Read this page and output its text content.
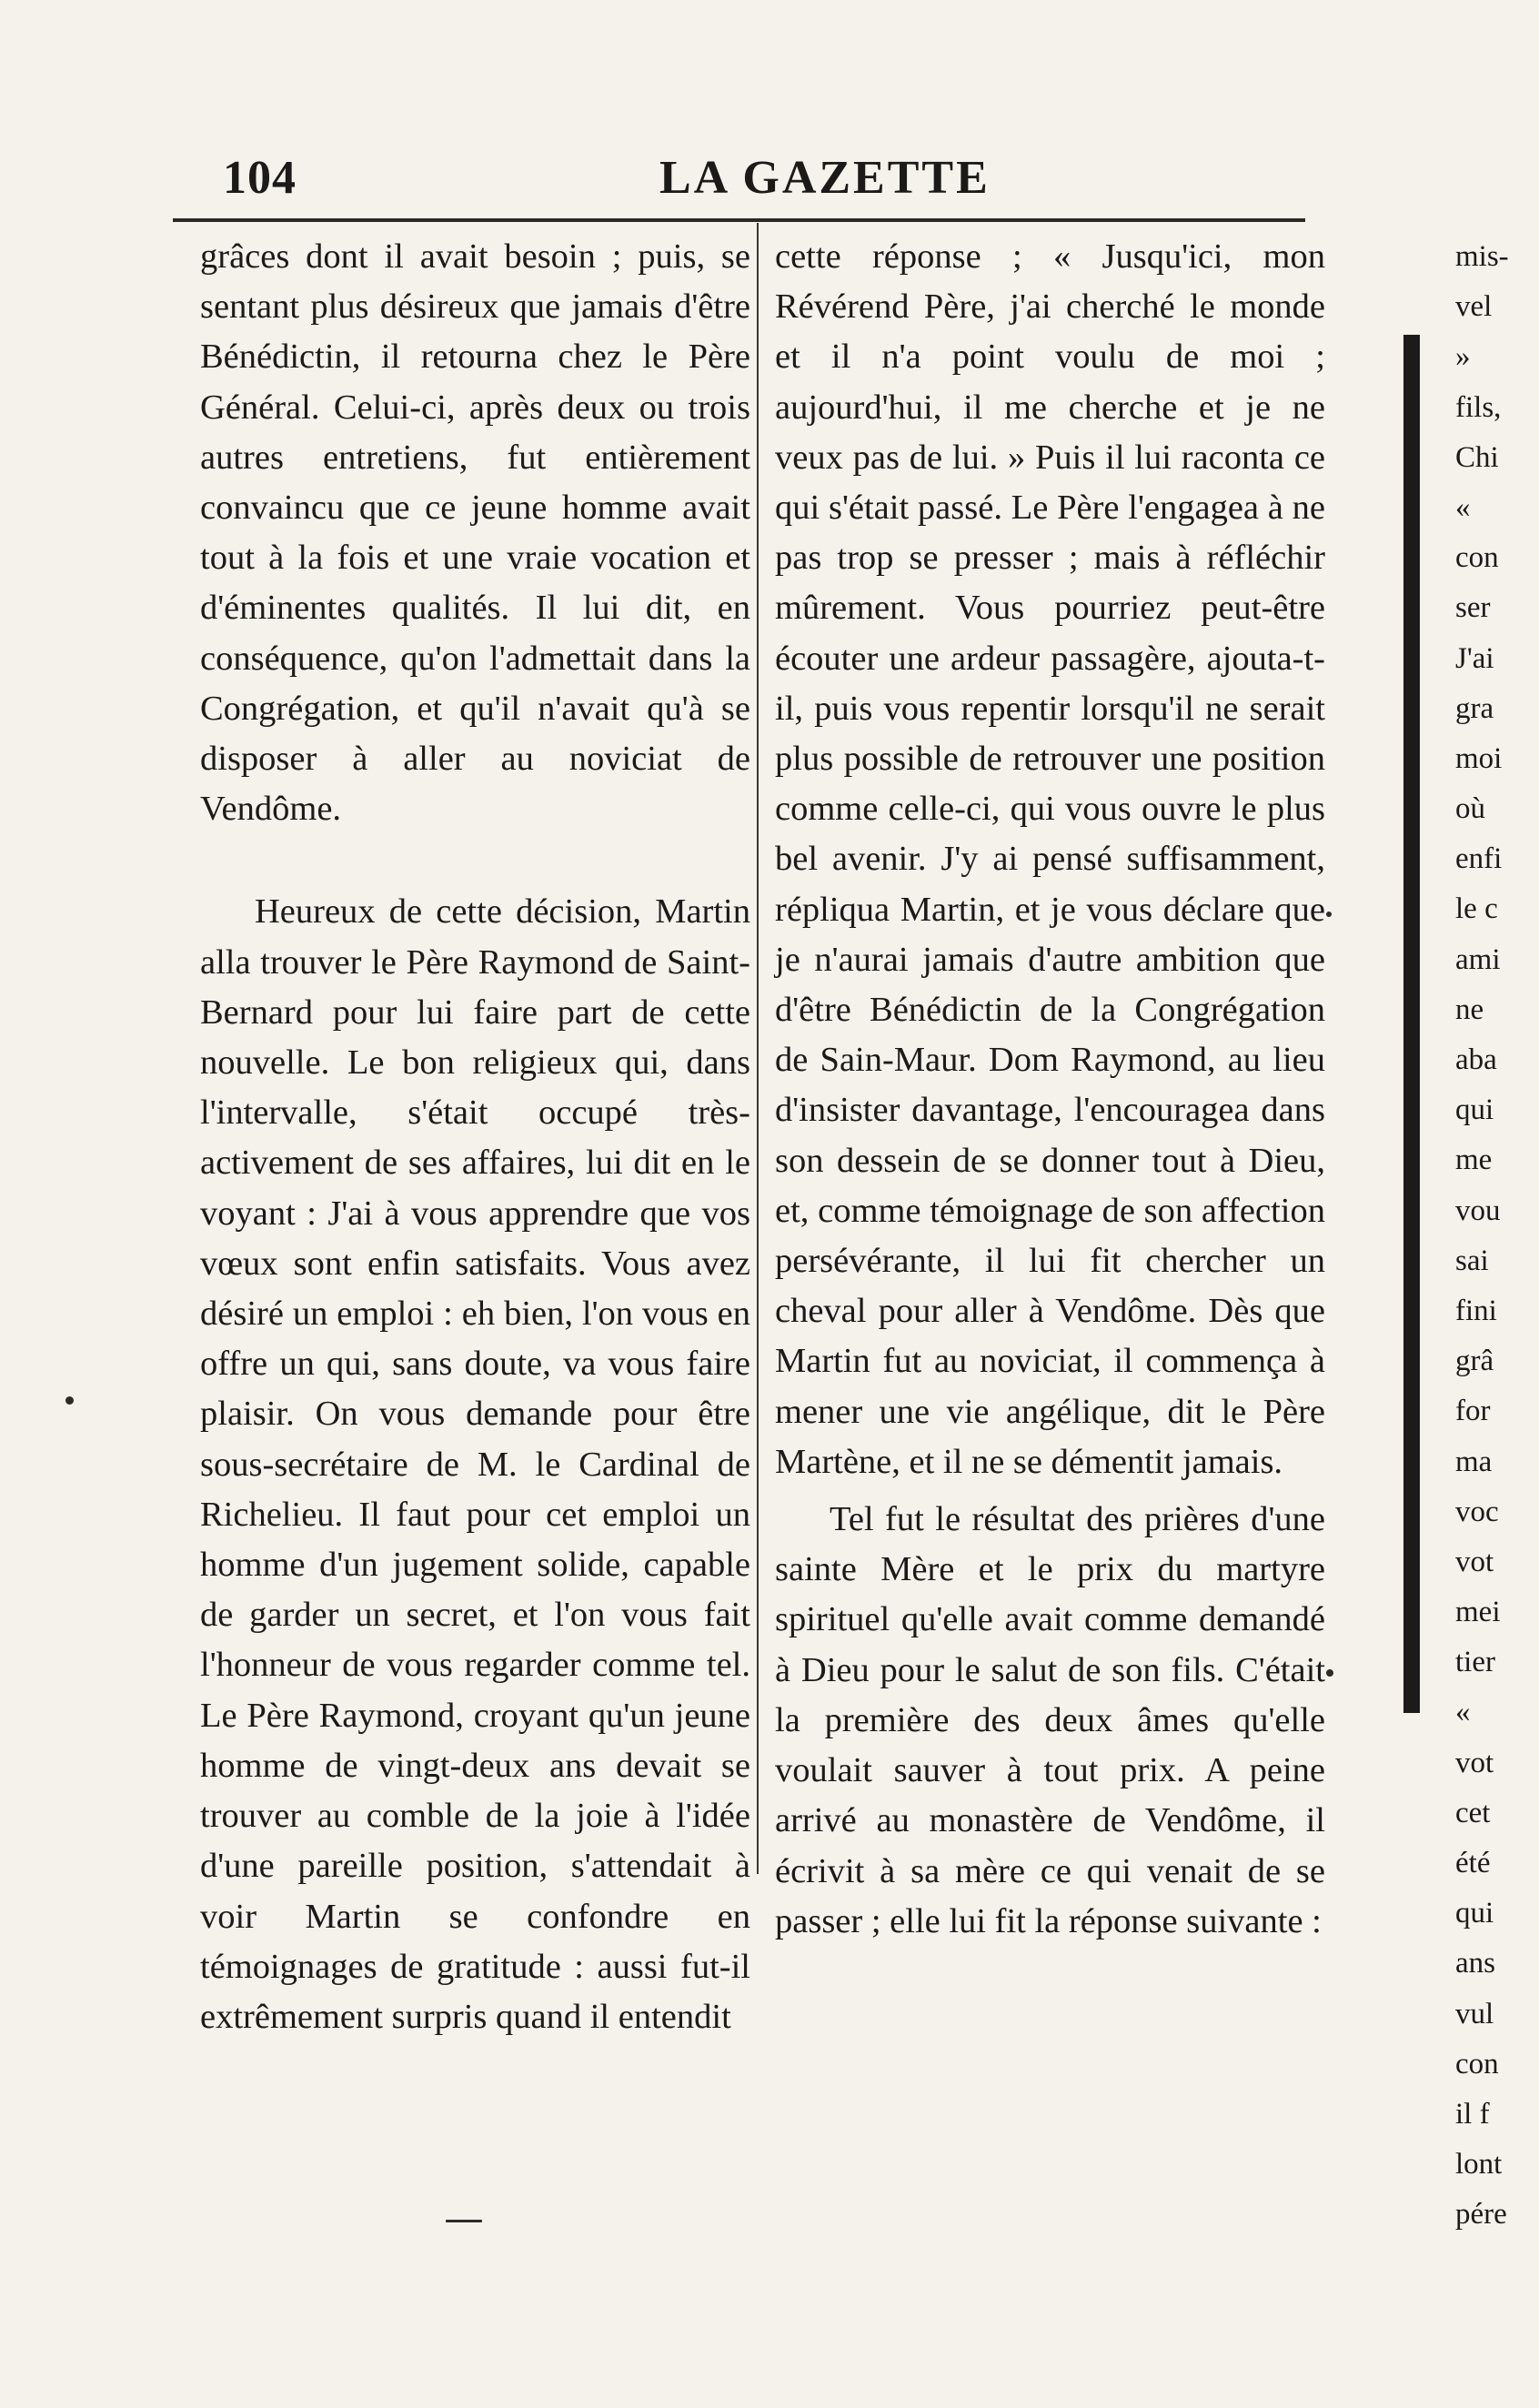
104	LA GAZETTE

grâces dont il avait besoin ; puis, se sentant plus désireux que jamais d'être Bénédictin, il retourna chez le Père Général. Celui-ci, après deux ou trois autres entretiens, fut entièrement convaincu que ce jeune homme avait tout à la fois et une vraie vocation et d'éminentes qualités. Il lui dit, en conséquence, qu'on l'admettait dans la Congrégation, et qu'il n'avait qu'à se disposer à aller au noviciat de Vendôme.

Heureux de cette décision, Martin alla trouver le Père Raymond de Saint-Bernard pour lui faire part de cette nouvelle. Le bon religieux qui, dans l'intervalle, s'était occupé très-activement de ses affaires, lui dit en le voyant : J'ai à vous apprendre que vos vœux sont enfin satisfaits. Vous avez désiré un emploi : eh bien, l'on vous en offre un qui, sans doute, va vous faire plaisir. On vous demande pour être sous-secrétaire de M. le Cardinal de Richelieu. Il faut pour cet emploi un homme d'un jugement solide, capable de garder un secret, et l'on vous fait l'honneur de vous regarder comme tel. Le Père Raymond, croyant qu'un jeune homme de vingt-deux ans devait se trouver au comble de la joie à l'idée d'une pareille position, s'attendait à voir Martin se confondre en témoignages de gratitude : aussi fut-il extrêmement surpris quand il entendit

cette réponse ; « Jusqu'ici, mon Révérend Père, j'ai cherché le monde et il n'a point voulu de moi ; aujourd'hui, il me cherche et je ne veux pas de lui. » Puis il lui raconta ce qui s'était passé. Le Père l'engagea à ne pas trop se presser ; mais à réfléchir mûrement. Vous pourriez peut-être écouter une ardeur passagère, ajouta-t-il, puis vous repentir lorsqu'il ne serait plus possible de retrouver une position comme celle-ci, qui vous ouvre le plus bel avenir. J'y ai pensé suffisamment, répliqua Martin, et je vous déclare que je n'aurai jamais d'autre ambition que d'être Bénédictin de la Congrégation de Sain-Maur. Dom Raymond, au lieu d'insister davantage, l'encouragea dans son dessein de se donner tout à Dieu, et, comme témoignage de son affection persévérante, il lui fit chercher un cheval pour aller à Vendôme. Dès que Martin fut au noviciat, il commença à mener une vie angélique, dit le Père Martène, et il ne se démentit jamais.

Tel fut le résultat des prières d'une sainte Mère et le prix du martyre spirituel qu'elle avait comme demandé à Dieu pour le salut de son fils. C'était la première des deux âmes qu'elle voulait sauver à tout prix. A peine arrivé au monastère de Vendôme, il écrivit à sa mère ce qui venait de se passer ; elle lui fit la réponse suivante :

mis-
vel
»
fils,
Chi
«
con
ser
J'ai
gra
moi
où
enfi
le c
ami
ne
aba
qui
me
vou
sai
fini
grâ
for
ma
voc
vot
mei
tier
«
vot
cet
été
qui
ans
vul
con
il f
lont
pére
